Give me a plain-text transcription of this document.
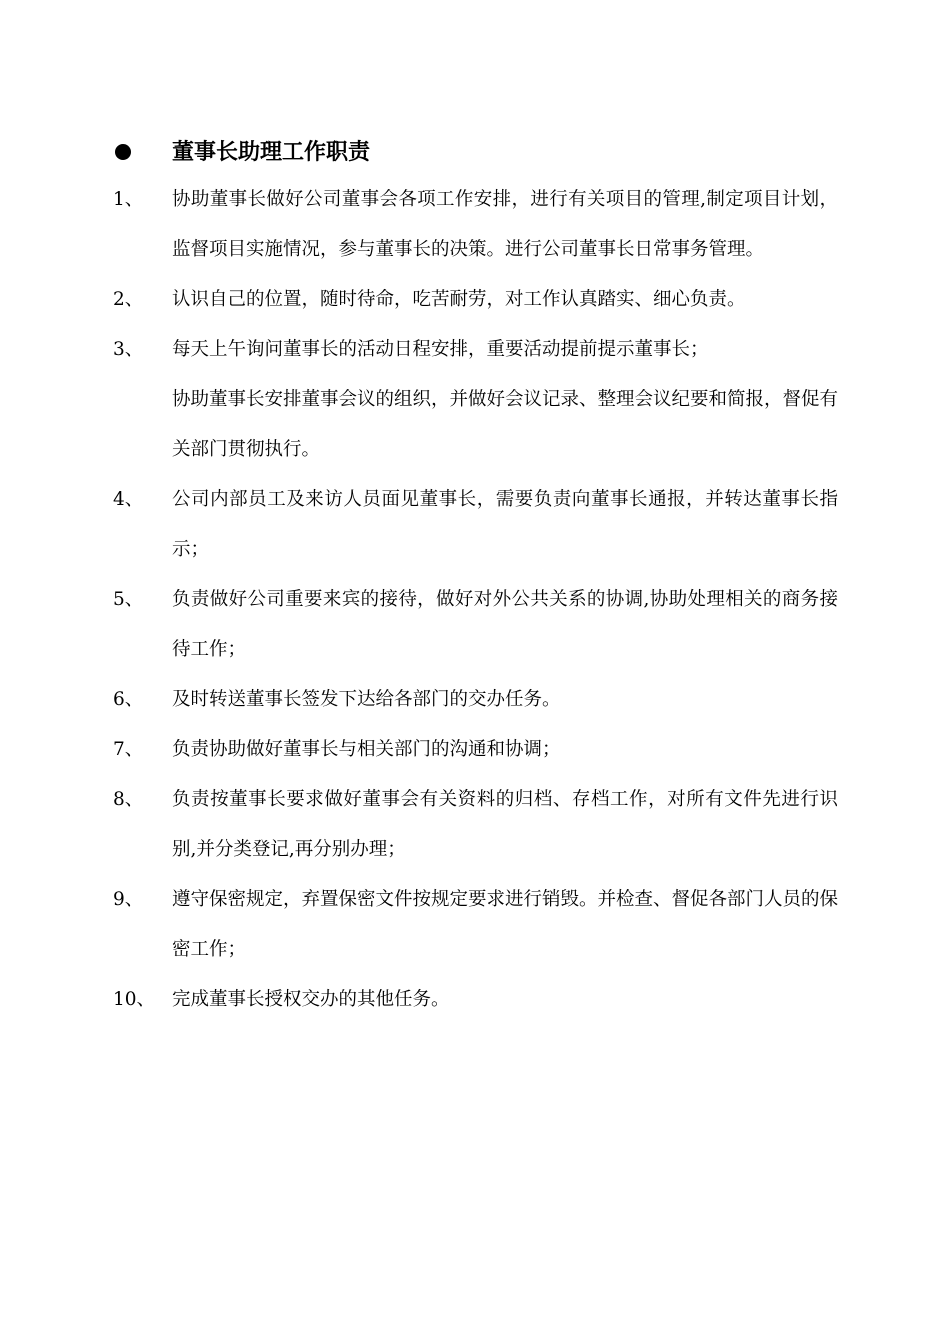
董事长助理工作职责
1、 协助董事长做好公司董事会各项工作安排，进行有关项目的管理,制定项目计划，监督项目实施情况，参与董事长的决策。进行公司董事长日常事务管理。
2、 认识自己的位置，随时待命，吃苦耐劳，对工作认真踏实、细心负责。
3、 每天上午询问董事长的活动日程安排，重要活动提前提示董事长；
协助董事长安排董事会议的组织，并做好会议记录、整理会议纪要和简报，督促有关部门贯彻执行。
4、 公司内部员工及来访人员面见董事长，需要负责向董事长通报，并转达董事长指示；
5、 负责做好公司重要来宾的接待，做好对外公共关系的协调,协助处理相关的商务接待工作；
6、 及时转送董事长签发下达给各部门的交办任务。
7、 负责协助做好董事长与相关部门的沟通和协调；
8、 负责按董事长要求做好董事会有关资料的归档、存档工作，对所有文件先进行识别,并分类登记,再分别办理；
9、 遵守保密规定，弃置保密文件按规定要求进行销毁。并检查、督促各部门人员的保密工作；
10、 完成董事长授权交办的其他任务。
